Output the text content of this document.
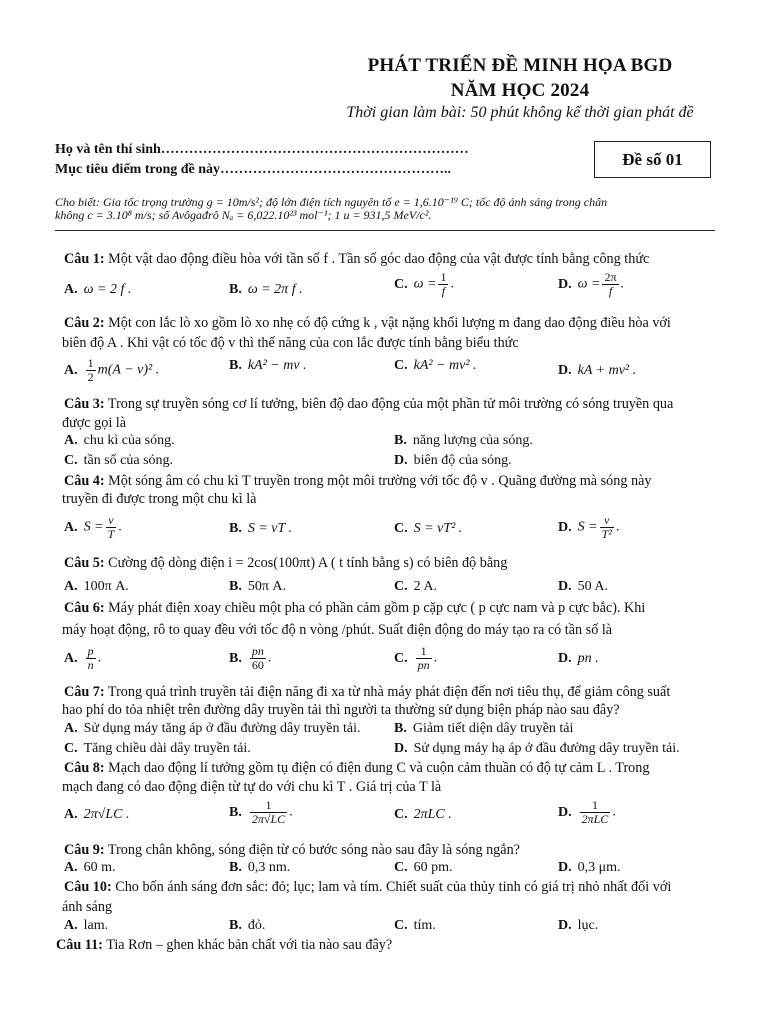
PHÁT TRIỂN ĐỀ MINH HỌA BGD
NĂM HỌC 2024
Thời gian làm bài: 50 phút không kể thời gian phát đề
Họ và tên thí sinh…………………………………………………………
Mục tiêu điểm trong đề này…………………………………………..
Đề số 01
Cho biết: Gia tốc trọng trường g = 10m/s²; độ lớn điện tích nguyên tố e = 1,6.10⁻¹⁹ C; tốc độ ánh sáng trong chân
không c = 3.10⁸ m/s; số Avôgađrô Nₐ = 6,022.10²³ mol⁻¹; 1 u = 931,5 MeV/c².
Câu 1: Một vật dao động điều hòa với tần số f . Tần số góc dao động của vật được tính bằng công thức
A. ω = 2 f .	B. ω = 2π f .	C. $\omega = \frac{1}{f}$ .	D. $\omega = \frac{2\pi}{f}$ .
Câu 2: Một con lắc lò xo gồm lò xo nhẹ có độ cứng k , vật nặng khối lượng m đang dao động điều hòa với
biên độ A . Khi vật có tốc độ v thì thế năng của con lắc được tính bằng biểu thức
A. $\frac{1}{2} m(A - v)^2$ .	B. kA² − mv .	C. kA² − mv² .	D. kA + mv² .
Câu 3: Trong sự truyền sóng cơ lí tưởng, biên độ dao động của một phần tử môi trường có sóng truyền qua
được gọi là
A. chu kì của sóng.	B. năng lượng của sóng.
C. tần số của sóng.	D. biên độ của sóng.
Câu 4: Một sóng âm có chu kì T truyền trong một môi trường với tốc độ v . Quãng đường mà sóng này
truyền đi được trong một chu kì là
A. $S = \frac{v}{T}$ .	B. S = vT .	C. S = vT² .	D. $S = \frac{v}{\text{T²}}$ .
Câu 5: Cường độ dòng điện i = 2cos(100πt) A ( t tính bằng s) có biên độ bằng
A. 100π A.	B. 50π A.	C. 2 A.	D. 50 A.
Câu 6: Máy phát điện xoay chiều một pha có phần cảm gồm p cặp cực ( p cực nam và p cực bắc). Khi
máy hoạt động, rô to quay đều với tốc độ n vòng /phút. Suất điện động do máy tạo ra có tần số là
A. $\frac{p}{n}$ .	B. $\frac{pn}{60}$ .	C. $\frac{1}{pn}$ .	D. pn .
Câu 7: Trong quá trình truyền tải điện năng đi xa từ nhà máy phát điện đến nơi tiêu thụ, để giảm công suất
hao phí do tỏa nhiệt trên đường dây truyền tải thì người ta thường sử dụng biện pháp nào sau đây?
A. Sử dụng máy tăng áp ở đầu đường dây truyền tải. B. Giảm tiết diện dây truyền tải
C. Tăng chiều dài dây truyền tải.	D. Sử dụng máy hạ áp ở đầu đường dây truyền tải.
Câu 8: Mạch dao động lí tưởng gồm tụ điện có điện dung C và cuộn cảm thuần có độ tự cảm L . Trong
mạch đang có dao động điện từ tự do với chu kì T . Giá trị của T là
A. 2π√LC .	B. $\frac{1}{2\pi√LC}$ .	C. 2πLC .	D. $\frac{1}{\text{2πLC}}$ .
Câu 9: Trong chân không, sóng điện từ có bước sóng nào sau đây là sóng ngắn?
A. 60 m.	B. 0,3 nm.	C. 60 pm.	D. 0,3 μm.
Câu 10: Cho bốn ánh sáng đơn sắc: đỏ; lục; lam và tím. Chiết suất của thủy tinh có giá trị nhỏ nhất đối với
ánh sáng
A. lam.	B. đỏ.	C. tím.	D. lục.
Câu 11: Tia Rơn – ghen khác bản chất với tia nào sau đây?
